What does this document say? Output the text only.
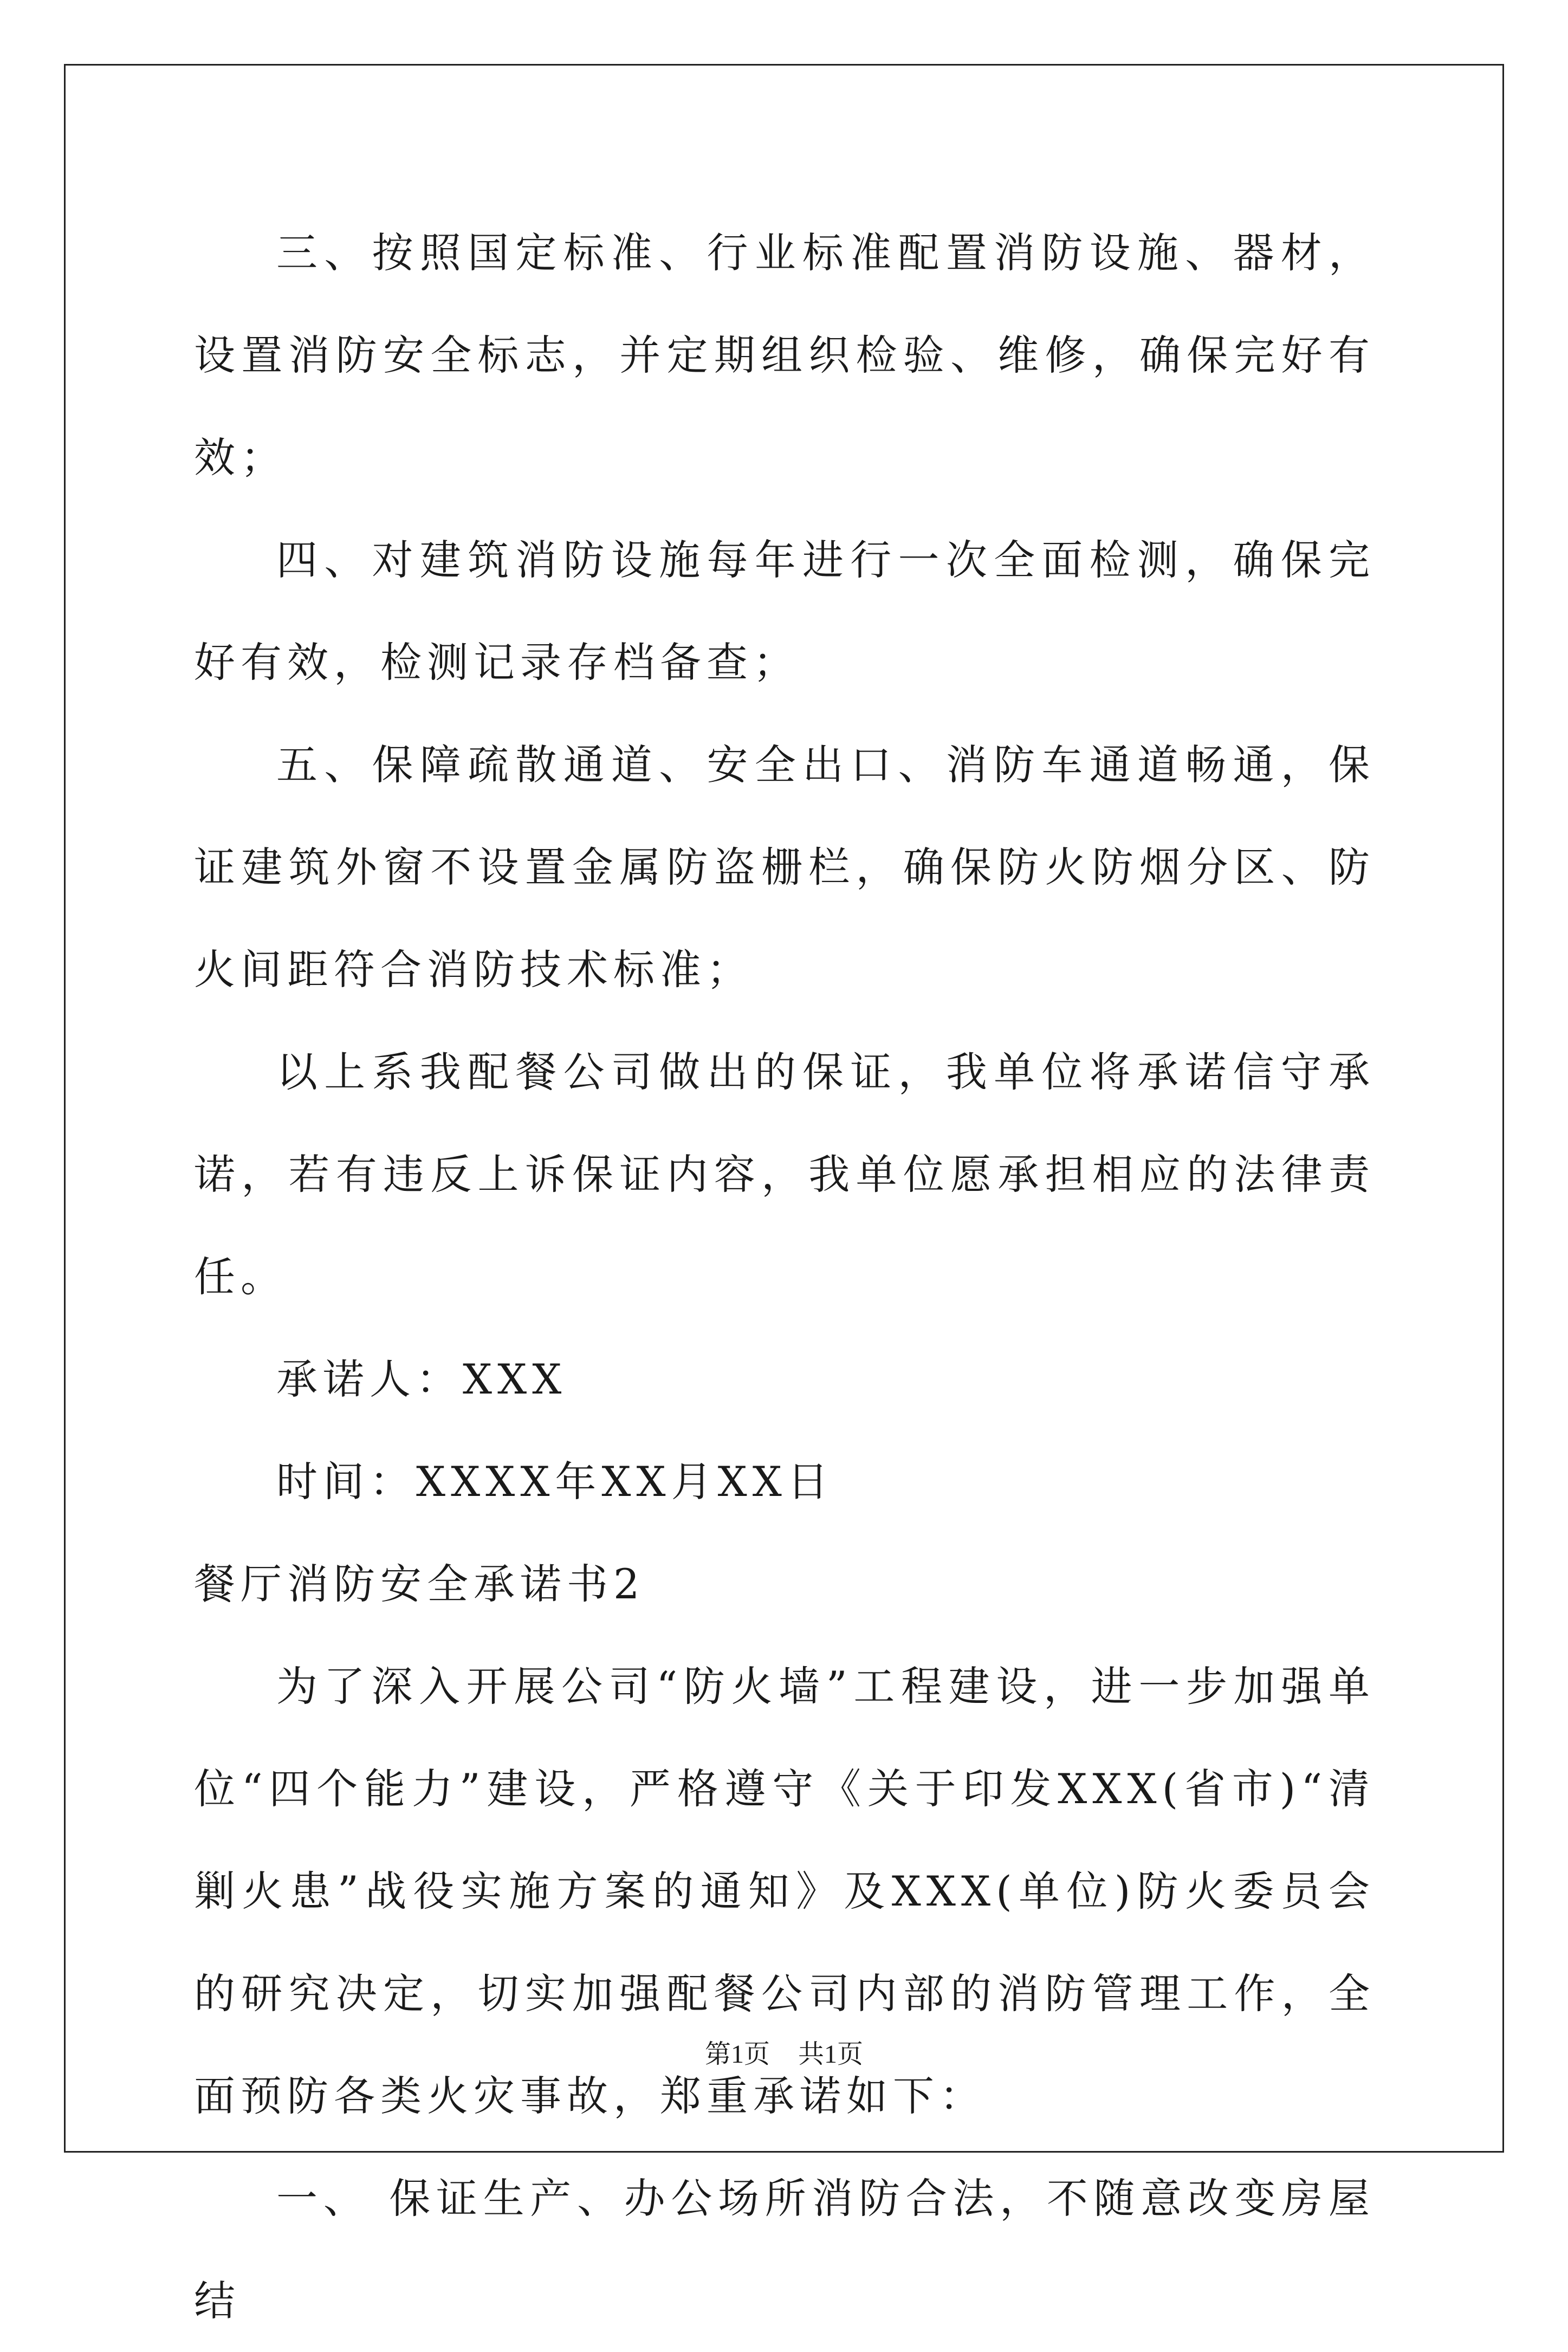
三、按照国定标准、行业标准配置消防设施、器材，设置消防安全标志，并定期组织检验、维修，确保完好有效；

四、对建筑消防设施每年进行一次全面检测，确保完好有效，检测记录存档备查；

五、保障疏散通道、安全出口、消防车通道畅通，保证建筑外窗不设置金属防盗栅栏，确保防火防烟分区、防火间距符合消防技术标准；

以上系我配餐公司做出的保证，我单位将承诺信守承诺，若有违反上诉保证内容，我单位愿承担相应的法律责任。

承诺人：XXX

时间：XXXX年XX月XX日

餐厅消防安全承诺书2

为了深入开展公司“防火墙”工程建设，进一步加强单位“四个能力”建设，严格遵守《关于印发XXX(省市)“清剿火患”战役实施方案的通知》及XXX(单位)防火委员会的研究决定，切实加强配餐公司内部的消防管理工作，全面预防各类火灾事故，郑重承诺如下：

一、 保证生产、办公场所消防合法，不随意改变房屋结

第1页 共1页
